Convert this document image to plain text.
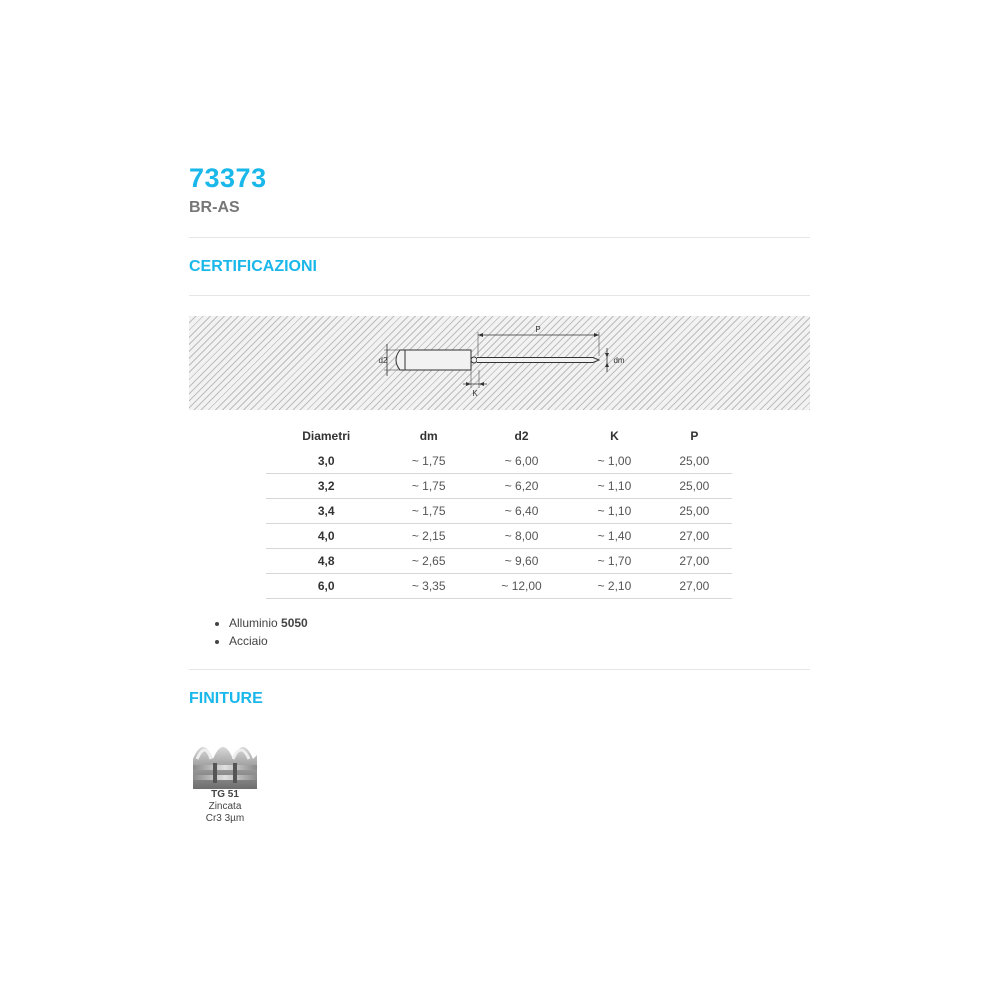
73373
BR-AS
CERTIFICAZIONI
P
d2	dm
K
Diametri	dm	d2	K	P
3,0	~ 1,75	~ 6,00	~ 1,00	25,00
3,2	~ 1,75	~ 6,20	~ 1,10	25,00
3,4	~ 1,75	~ 6,40	~ 1,10	25,00
4,0	~ 2,15	~ 8,00	~ 1,40	27,00
4,8	~ 2,65	~ 9,60	~ 1,70	27,00
6,0	~ 3,35	~ 12,00	~ 2,10	27,00
• Alluminio 5050
• Acciaio
FINITURE
TG 51
Zincata
Cr3 3µm
